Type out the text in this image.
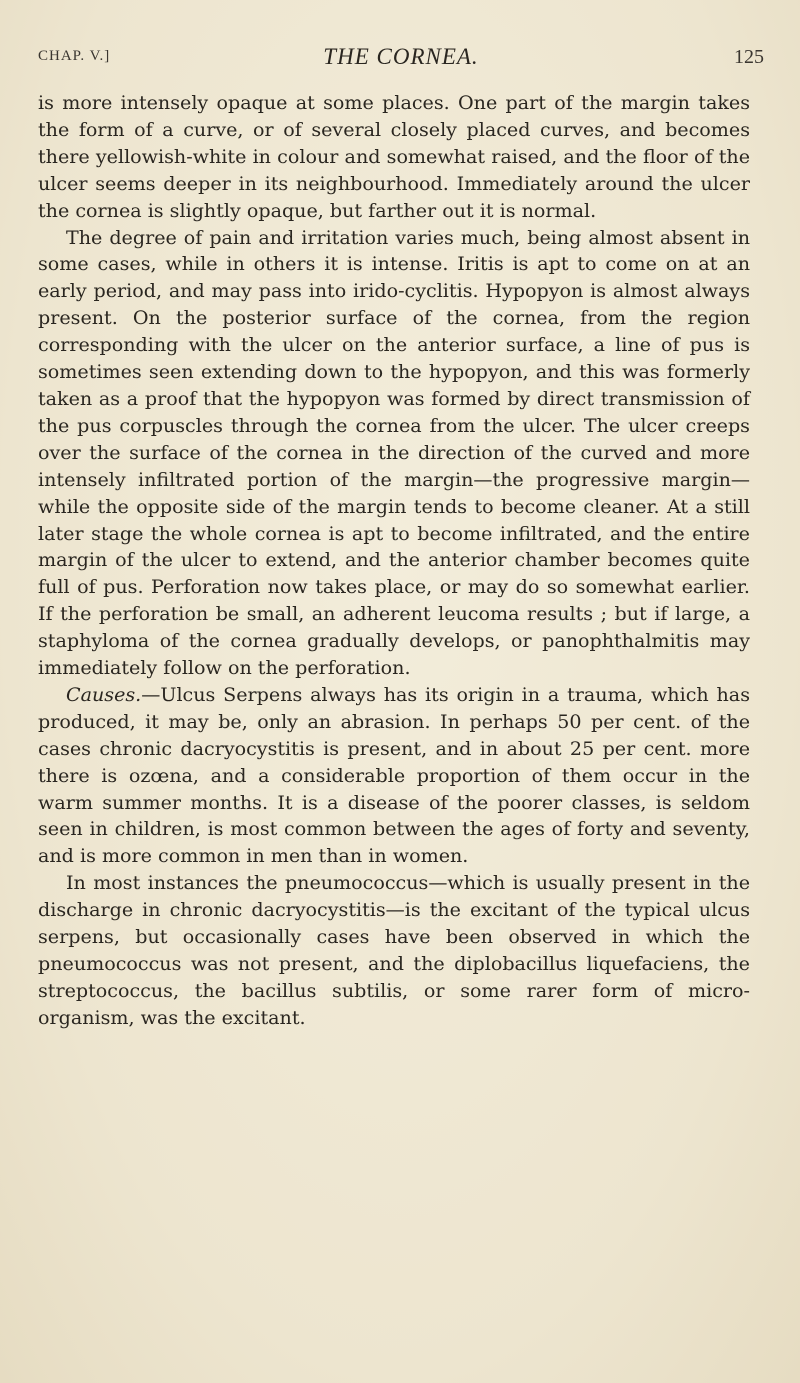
CHAP. V.]	THE CORNEA.	125

is more intensely opaque at some places. One part of the margin takes the form of a curve, or of several closely placed curves, and becomes there yellowish-white in colour and somewhat raised, and the floor of the ulcer seems deeper in its neighbourhood. Immediately around the ulcer the cornea is slightly opaque, but farther out it is normal.

The degree of pain and irritation varies much, being almost absent in some cases, while in others it is intense. Iritis is apt to come on at an early period, and may pass into irido-cyclitis. Hypopyon is almost always present. On the posterior surface of the cornea, from the region corresponding with the ulcer on the anterior surface, a line of pus is sometimes seen extending down to the hypopyon, and this was formerly taken as a proof that the hypopyon was formed by direct transmission of the pus corpuscles through the cornea from the ulcer. The ulcer creeps over the surface of the cornea in the direction of the curved and more intensely infiltrated portion of the margin—the progressive margin—while the opposite side of the margin tends to become cleaner. At a still later stage the whole cornea is apt to become infiltrated, and the entire margin of the ulcer to extend, and the anterior chamber becomes quite full of pus. Perforation now takes place, or may do so somewhat earlier. If the perforation be small, an adherent leucoma results ; but if large, a staphyloma of the cornea gradually develops, or panophthalmitis may immediately follow on the perforation.

Causes.—Ulcus Serpens always has its origin in a trauma, which has produced, it may be, only an abrasion. In perhaps 50 per cent. of the cases chronic dacryocystitis is present, and in about 25 per cent. more there is ozœna, and a considerable proportion of them occur in the warm summer months. It is a disease of the poorer classes, is seldom seen in children, is most common between the ages of forty and seventy, and is more common in men than in women.

In most instances the pneumococcus—which is usually present in the discharge in chronic dacryocystitis—is the excitant of the typical ulcus serpens, but occasionally cases have been observed in which the pneumococcus was not present, and the diplobacillus liquefaciens, the streptococcus, the bacillus subtilis, or some rarer form of micro-organism, was the excitant.
